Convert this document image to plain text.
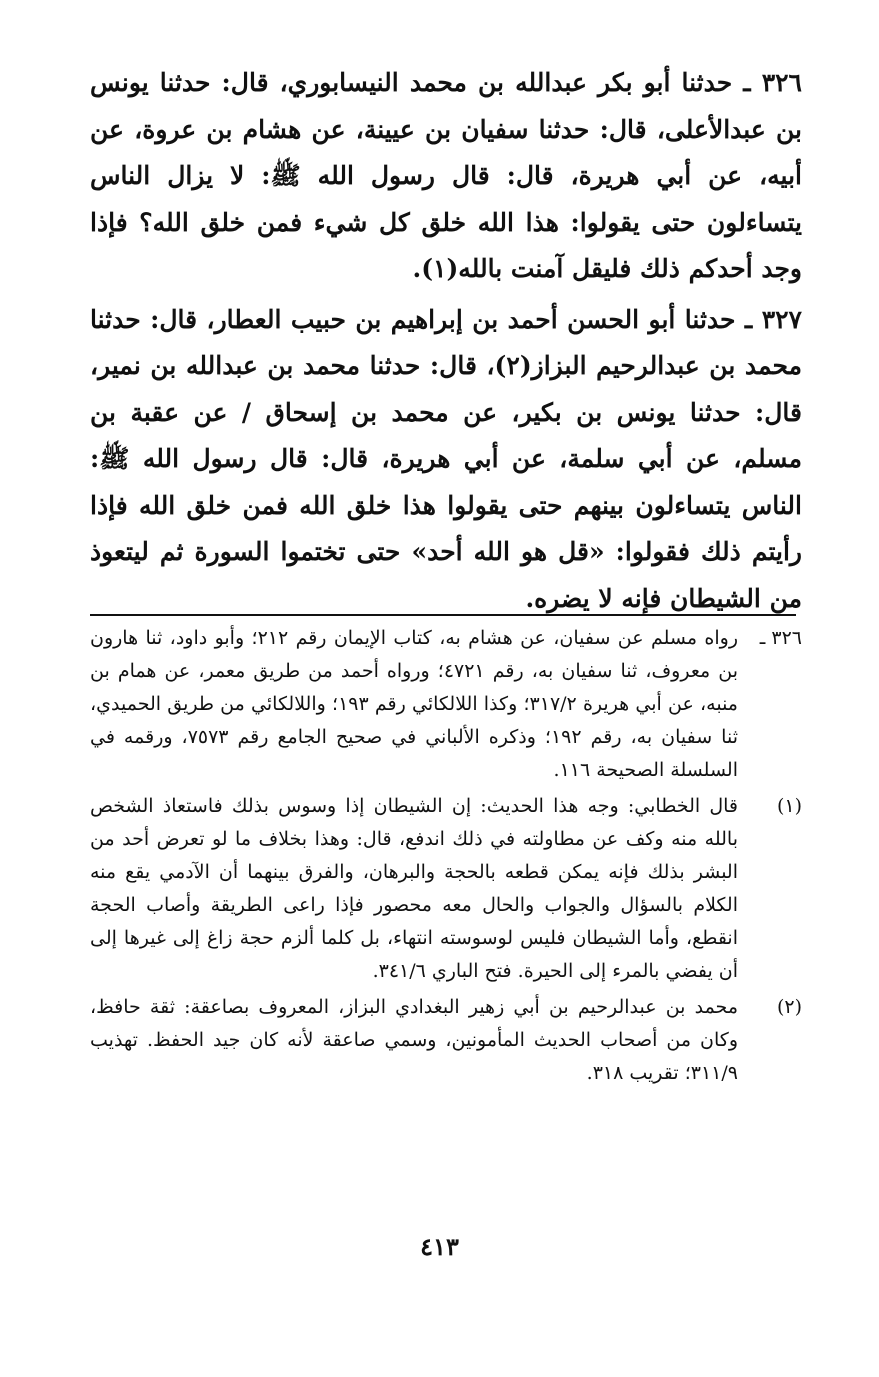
٣٢٦ ـ حدثنا أبو بكر عبدالله بن محمد النيسابوري، قال: حدثنا يونس بن عبدالأعلى، قال: حدثنا سفيان بن عيينة، عن هشام بن عروة، عن أبيه، عن أبي هريرة، قال: قال رسول الله ﷺ: لا يزال الناس يتساءلون حتى يقولوا: هذا الله خلق كل شيء فمن خلق الله؟ فإذا وجد أحدكم ذلك فليقل آمنت بالله(١).

٣٢٧ ـ حدثنا أبو الحسن أحمد بن إبراهيم بن حبيب العطار، قال: حدثنا محمد بن عبدالرحيم البزاز(٢)، قال: حدثنا محمد بن عبدالله بن نمير، قال: حدثنا يونس بن بكير، عن محمد بن إسحاق / عن عقبة بن مسلم، عن أبي سلمة، عن أبي هريرة، قال: قال رسول الله ﷺ: الناس يتساءلون بينهم حتى يقولوا هذا خلق الله فمن خلق الله فإذا رأيتم ذلك فقولوا: «قل هو الله أحد» حتى تختموا السورة ثم ليتعوذ من الشيطان فإنه لا يضره.

٣٢٦ ـ
رواه مسلم عن سفيان، عن هشام به، كتاب الإيمان رقم ٢١٢؛ وأبو داود، ثنا هارون بن معروف، ثنا سفيان به، رقم ٤٧٢١؛ ورواه أحمد من طريق معمر، عن همام بن منبه، عن أبي هريرة ٣١٧/٢؛ وكذا اللالكائي رقم ١٩٣؛ واللالكائي من طريق الحميدي، ثنا سفيان به، رقم ١٩٢؛ وذكره الألباني في صحيح الجامع رقم ٧٥٧٣، ورقمه في السلسلة الصحيحة ١١٦.
(١)
قال الخطابي: وجه هذا الحديث: إن الشيطان إذا وسوس بذلك فاستعاذ الشخص بالله منه وكف عن مطاولته في ذلك اندفع، قال: وهذا بخلاف ما لو تعرض أحد من البشر بذلك فإنه يمكن قطعه بالحجة والبرهان، والفرق بينهما أن الآدمي يقع منه الكلام بالسؤال والجواب والحال معه محصور فإذا راعى الطريقة وأصاب الحجة انقطع، وأما الشيطان فليس لوسوسته انتهاء، بل كلما ألزم حجة زاغ إلى غيرها إلى أن يفضي بالمرء إلى الحيرة. فتح الباري ٣٤١/٦.
(٢)
محمد بن عبدالرحيم بن أبي زهير البغدادي البزاز، المعروف بصاعقة: ثقة حافظ، وكان من أصحاب الحديث المأمونين، وسمي صاعقة لأنه كان جيد الحفظ. تهذيب ٣١١/٩؛ تقريب ٣١٨.
٤١٣
